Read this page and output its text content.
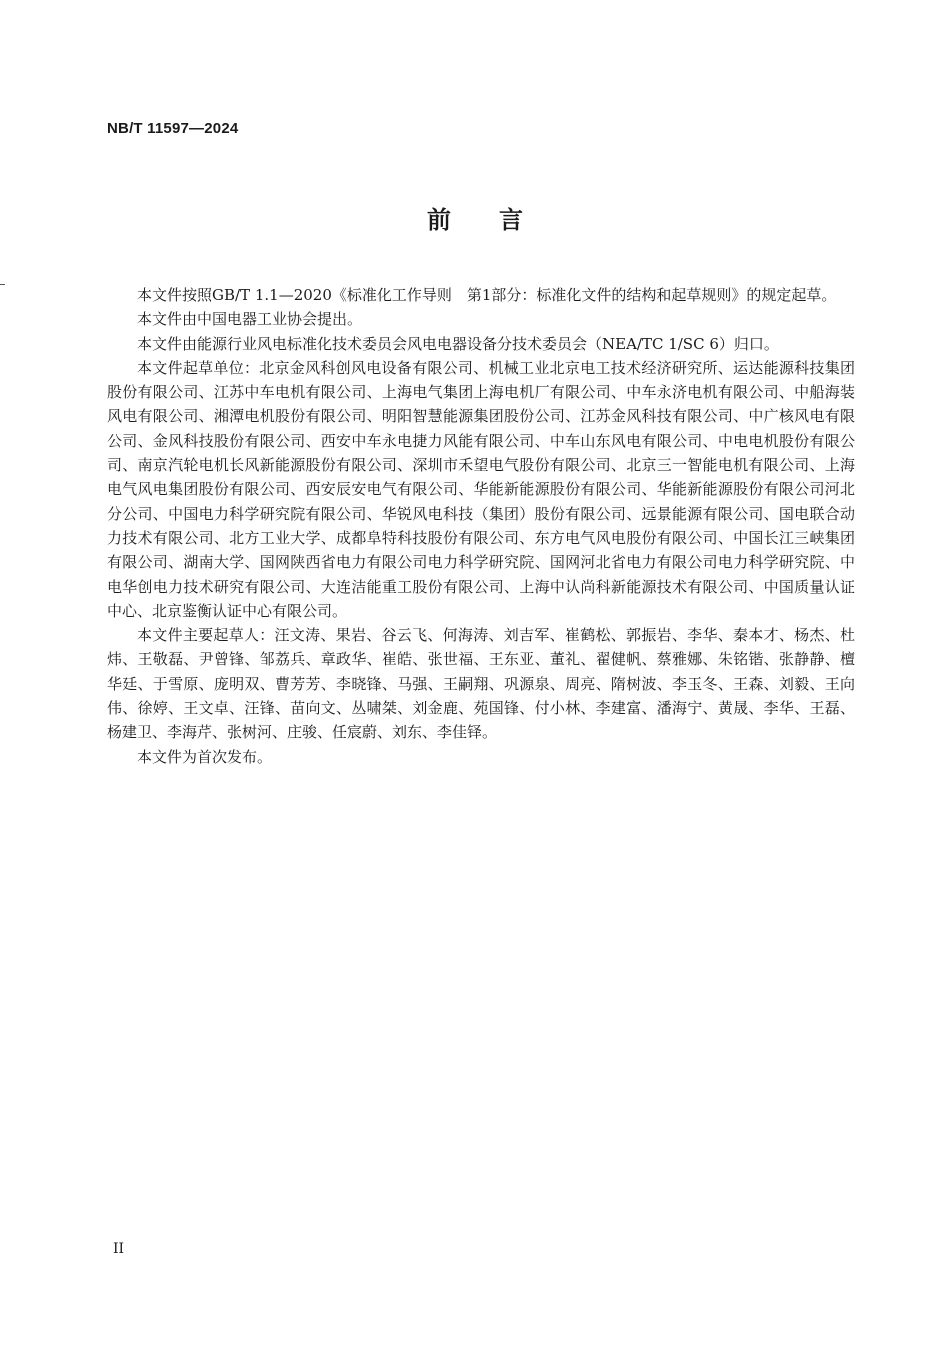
NB/T 11597—2024
前 言

本文件按照GB/T 1.1—2020《标准化工作导则　第1部分：标准化文件的结构和起草规则》的规定起草。

本文件由中国电器工业协会提出。

本文件由能源行业风电标准化技术委员会风电电器设备分技术委员会（NEA/TC 1/SC 6）归口。

本文件起草单位：北京金风科创风电设备有限公司、机械工业北京电工技术经济研究所、运达能源科技集团股份有限公司、江苏中车电机有限公司、上海电气集团上海电机厂有限公司、中车永济电机有限公司、中船海装风电有限公司、湘潭电机股份有限公司、明阳智慧能源集团股份公司、江苏金风科技有限公司、中广核风电有限公司、金风科技股份有限公司、西安中车永电捷力风能有限公司、中车山东风电有限公司、中电电机股份有限公司、南京汽轮电机长风新能源股份有限公司、深圳市禾望电气股份有限公司、北京三一智能电机有限公司、上海电气风电集团股份有限公司、西安辰安电气有限公司、华能新能源股份有限公司、华能新能源股份有限公司河北分公司、中国电力科学研究院有限公司、华锐风电科技（集团）股份有限公司、远景能源有限公司、国电联合动力技术有限公司、北方工业大学、成都阜特科技股份有限公司、东方电气风电股份有限公司、中国长江三峡集团有限公司、湖南大学、国网陕西省电力有限公司电力科学研究院、国网河北省电力有限公司电力科学研究院、中电华创电力技术研究有限公司、大连洁能重工股份有限公司、上海中认尚科新能源技术有限公司、中国质量认证中心、北京鉴衡认证中心有限公司。

本文件主要起草人：汪文涛、果岩、谷云飞、何海涛、刘吉军、崔鹤松、郭振岩、李华、秦本才、杨杰、杜炜、王敬磊、尹曾锋、邹荔兵、章政华、崔皓、张世福、王东亚、董礼、翟健帆、蔡雅娜、朱铭锴、张静静、檀华廷、于雪原、庞明双、曹芳芳、李晓锋、马强、王嗣翔、巩源泉、周亮、隋树波、李玉冬、王森、刘毅、王向伟、徐婷、王文卓、汪锋、苗向文、丛啸桀、刘金鹿、苑国锋、付小林、李建富、潘海宁、黄晟、李华、王磊、杨建卫、李海芹、张树河、庄骏、任宸蔚、刘东、李佳铎。

本文件为首次发布。

II
